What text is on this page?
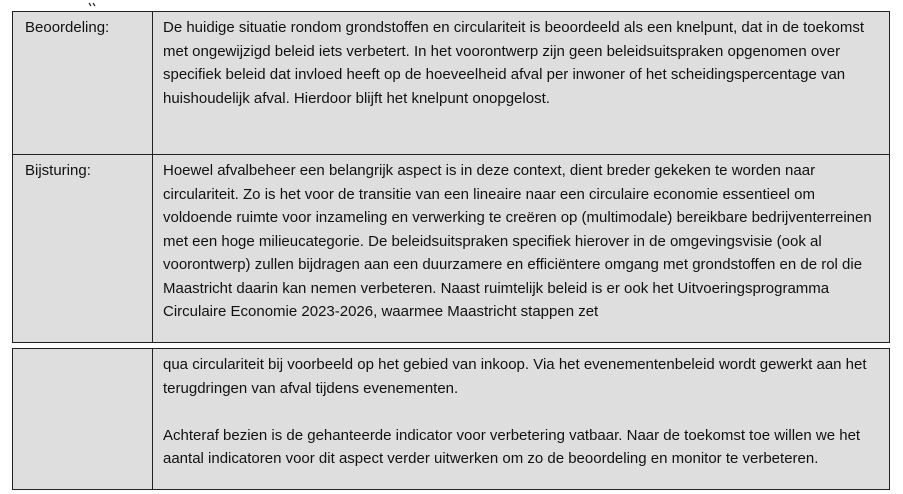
Beoordeling:	De huidige situatie rondom grondstoffen en circulariteit is beoordeeld als een knelpunt, dat in de toekomst met ongewijzigd beleid iets verbetert. In het voorontwerp zijn geen beleidsuitspraken opgenomen over specifiek beleid dat invloed heeft op de hoeveelheid afval per inwoner of het scheidingspercentage van huishoudelijk afval. Hierdoor blijft het knelpunt onopgelost.

Bijsturing:	Hoewel afvalbeheer een belangrijk aspect is in deze context, dient breder gekeken te worden naar circulariteit. Zo is het voor de transitie van een lineaire naar een circulaire economie essentieel om voldoende ruimte voor inzameling en verwerking te creëren op (multimodale) bereikbare bedrijventerreinen met een hoge milieucategorie. De beleidsuitspraken specifiek hierover in de omgevingsvisie (ook al voorontwerp) zullen bijdragen aan een duurzamere en efficiëntere omgang met grondstoffen en de rol die Maastricht daarin kan nemen verbeteren. Naast ruimtelijk beleid is er ook het Uitvoeringsprogramma Circulaire Economie 2023-2026, waarmee Maastricht stappen zet

qua circulariteit bij voorbeeld op het gebied van inkoop. Via het evenementenbeleid wordt gewerkt aan het terugdringen van afval tijdens evenementen.

Achteraf bezien is de gehanteerde indicator voor verbetering vatbaar. Naar de toekomst toe willen we het aantal indicatoren voor dit aspect verder uitwerken om zo de beoordeling en monitor te verbeteren.
